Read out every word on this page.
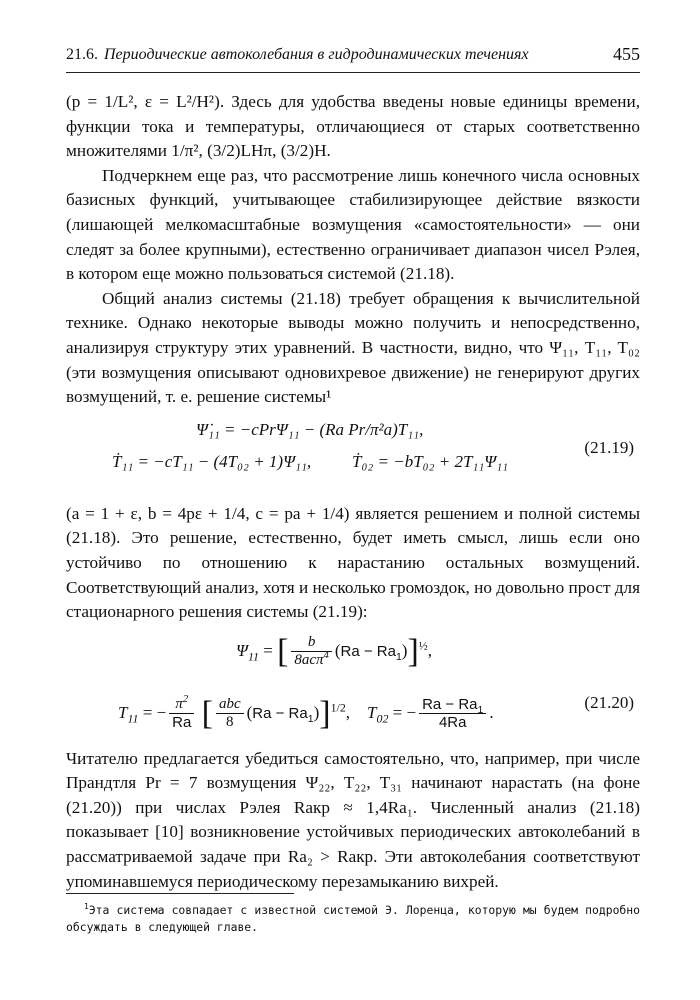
21.6. Периодические автоколебания в гидродинамических течениях	455

(p = 1/L², ε = L²/H²). Здесь для удобства введены новые единицы времени, функции тока и температуры, отличающиеся от старых соответственно множителями 1/π², (3/2)LHπ, (3/2)H.

Подчеркнем еще раз, что рассмотрение лишь конечного числа основных базисных функций, учитывающее стабилизирующее действие вязкости (лишающей мелкомасштабные возмущения «самостоятельности» — они следят за более крупными), естественно ограничивает диапазон чисел Рэлея, в котором еще можно пользоваться системой (21.18).

Общий анализ системы (21.18) требует обращения к вычислительной технике. Однако некоторые выводы можно получить и непосредственно, анализируя структуру этих уравнений. В частности, видно, что Ψ₁₁, T₁₁, T₀₂ (эти возмущения описывают одновихревое движение) не генерируют других возмущений, т. е. решение системы¹

Ψ̇₁₁ = −cPrΨ₁₁ − (Ra Pr/π²a)T₁₁,
Ṫ₁₁ = −cT₁₁ − (4T₀₂ + 1)Ψ₁₁, Ṫ₀₂ = −bT₀₂ + 2T₁₁Ψ₁₁
(21.19)

(a = 1 + ε, b = 4pε + 1/4, c = pa + 1/4) является решением и полной системы (21.18). Это решение, естественно, будет иметь смысл, лишь если оно устойчиво по отношению к нарастанию остальных возмущений. Соответствующий анализ, хотя и несколько громоздок, но довольно прост для стационарного решения системы (21.19):

$\Psi_{11}$ = [ $\frac{b}{8ac\pi^4} (Ra - Ra_1)]^{\frac{1}{2}}$,
$T_{11}$ = − $\frac{\pi^2}{Ra}$ [ $\frac{\text{abc}}{8} (Ra - Ra_1)]^{1/2}$,    $T_{02}$ = − $\frac{Ra - Ra_1}{4Ra}$ .
(21.20)

Читателю предлагается убедиться самостоятельно, что, например, при числе Прандтля Pr = 7 возмущения Ψ₂₂, T₂₂, T₃₁ начинают нарастать (на фоне (21.20)) при числах Рэлея Raкр ≈ 1,4Ra₁. Численный анализ (21.18) показывает [10] возникновение устойчивых периодических автоколебаний в рассматриваемой задаче при Ra₂ > Raкр. Эти автоколебания соответствуют упоминавшемуся периодическому перезамыканию вихрей.

$^1$Эта система совпадает с известной системой Э. Лоренца, которую мы будем подробно обсуждать в следующей главе.
